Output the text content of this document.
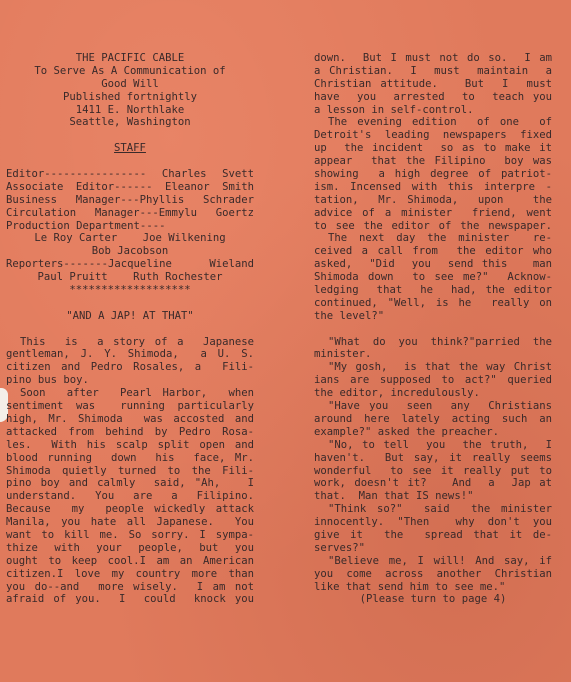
THE PACIFIC CABLE
To Serve As A Communication of
Good Will
Published fortnightly
1411 E. Northlake
Seattle, Washington
STAFF
Editor---------------- Charles Svett
Associate Editor------ Eleanor Smith
Business Manager---Phyllis Schrader
Circulation Manager---Emmylu Goertz
Production Department----
Le Roy Carter    Joe Wilkening
Bob Jacobson
Reporters-------Jacqueline Wieland
Paul Pruitt    Ruth Rochester
*******************
"AND A JAP! AT THAT"
This  is  a story of a  Japanese
gentleman, J. Y. Shimoda,  a U. S.
citizen and Pedro Rosales, a  Fili-
pino bus boy.
Soon  after  Pearl Harbor,  when
sentiment was  running particularly
high, Mr. Shimoda  was accosted and
attacked from behind by Pedro Rosa-
les.  With his scalp split open and
blood running  down  his  face, Mr.
Shimoda quietly turned to the Fili-
pino boy and calmly  said, "Ah,   I
understand.  You  are  a  Filipino.
Because  my  people wickedly attack
Manila, you hate all Japanese.  You
want to kill me. So sorry. I sympa-
thize  with  your  people,  but  you
ought to keep cool.I am an American
citizen.I love my country more than
you do--and  more wisely.  I am not
afraid of you.  I  could  knock you
down.  But I must not do so.  I am
a Christian.  I  must  maintain  a
Christian attitude.   But  I  must
have  you  arrested  to  teach you
a lesson in self-control.
The evening edition  of one  of
Detroit's leading newspapers fixed
up  the incident  so as to make it
appear  that the Filipino  boy was
showing  a high degree of patriot-
ism. Incensed with this interpre -
tation,  Mr. Shimoda,  upon   the
advice of a minister  friend, went
to see the editor of the newspaper.
The next day the minister  re-
ceived a call from  the editor who
asked,  "Did  you  send this   man
Shimoda down  to see me?"  Acknow-
ledging  that  he  had, the editor
continued, "Well, is he  really on
the level?"
"What do you think?"parried the
minister.
"My gosh,  is that the way Christ
ians are supposed to act?" queried
the editor, incredulously.
"Have you  seen  any  Christians
around here lately acting such an
example?" asked the preacher.
"No, to tell  you  the truth,  I
haven't.  But say, it really seems
wonderful  to see it really put to
work, doesn't it?   And  a  Jap at
that.  Man that IS news!"
"Think so?"  said  the minister
innocently. "Then  why don't you
give it  the  spread that it de-
serves?"
"Believe me, I will! And say, if
you come across another Christian
like that send him to see me."
(Please turn to page 4)
